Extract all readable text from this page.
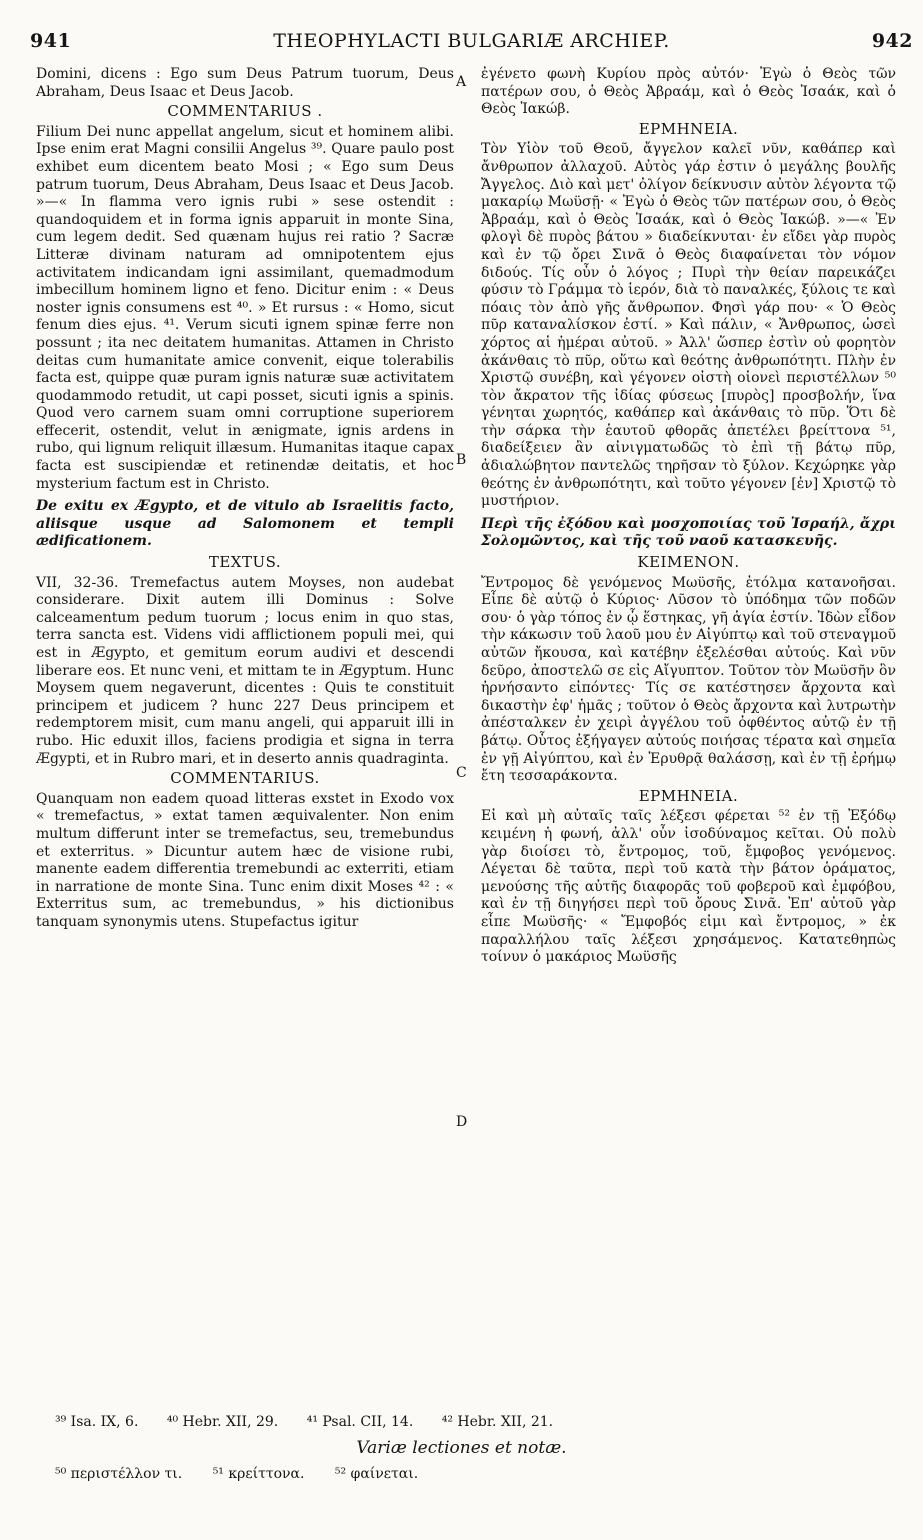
941	THEOPHYLACTI BULGARIÆ ARCHIEP.	942

Domini, dicens : Ego sum Deus Patrum tuorum, Deus Abraham, Deus Isaac et Deus Jacob.

COMMENTARIUS .

Filium Dei nunc appellat angelum, sicut et hominem alibi. Ipse enim erat Magni consilii Angelus ³⁹. Quare paulo post exhibet eum dicentem beato Mosi ; « Ego sum Deus patrum tuorum, Deus Abraham, Deus Isaac et Deus Jacob. »—« In flamma vero ignis rubi » sese ostendit : quandoquidem et in forma ignis apparuit in monte Sina, cum legem dedit. Sed quænam hujus rei ratio ? Sacræ Litteræ divinam naturam ad omnipotentem ejus activitatem indicandam igni assimilant, quemadmodum imbecillum hominem ligno et feno. Dicitur enim : « Deus noster ignis consumens est ⁴⁰. » Et rursus : « Homo, sicut fenum dies ejus. ⁴¹. Verum sicuti ignem spinæ ferre non possunt ; ita nec deitatem humanitas. Attamen in Christo deitas cum humanitate amice convenit, eique tolerabilis facta est, quippe quæ puram ignis naturæ suæ activitatem quodammodo retudit, ut capi posset, sicuti ignis a spinis. Quod vero carnem suam omni corruptione superiorem effecerit, ostendit, velut in ænigmate, ignis ardens in rubo, qui lignum reliquit illæsum. Humanitas itaque capax facta est suscipiendæ et retinendæ deitatis, et hoc mysterium factum est in Christo.

De exitu ex Ægypto, et de vitulo ab Israelitis facto, aliisque usque ad Salomonem et templi ædificationem.
TEXTUS.

VII, 32-36. Tremefactus autem Moyses, non audebat considerare. Dixit autem illi Dominus : Solve calceamentum pedum tuorum ; locus enim in quo stas, terra sancta est. Videns vidi afflictionem populi mei, qui est in Ægypto, et gemitum eorum audivi et descendi liberare eos. Et nunc veni, et mittam te in Ægyptum. Hunc Moysem quem negaverunt, dicentes : Quis te constituit principem et judicem ? hunc 227 Deus principem et redemptorem misit, cum manu angeli, qui apparuit illi in rubo. Hic eduxit illos, faciens prodigia et signa in terra Ægypti, et in Rubro mari, et in deserto annis quadraginta.

COMMENTARIUS.

Quanquam non eadem quoad litteras exstet in Exodo vox « tremefactus, » extat tamen æquivalenter. Non enim multum differunt inter se tremefactus, seu, tremebundus et exterritus. » Dicuntur autem hæc de visione rubi, manente eadem differentia tremebundi ac exterriti, etiam in narratione de monte Sina. Tunc enim dixit Moses ⁴² : « Exterritus sum, ac tremebundus, » his dictionibus tanquam synonymis utens. Stupefactus igitur

ἐγένετο φωνὴ Κυρίου πρὸς αὐτόν· Ἐγὼ ὁ Θεὸς τῶν πατέρων σου, ὁ Θεὸς Ἀβραάμ, καὶ ὁ Θεὸς Ἰσαάκ, καὶ ὁ Θεὸς Ἰακώβ.

ΕΡΜΗΝΕΙΑ.

Τὸν Υἱὸν τοῦ Θεοῦ, ἄγγελον καλεῖ νῦν, καθάπερ καὶ ἄνθρωπον ἀλλαχοῦ. Αὐτὸς γάρ ἐστιν ὁ μεγάλης βουλῆς Ἄγγελος. Διὸ καὶ μετ' ὀλίγον δείκνυσιν αὐτὸν λέγοντα τῷ μακαρίῳ Μωϋσῇ· « Ἐγὼ ὁ Θεὸς τῶν πατέρων σου, ὁ Θεὸς Ἀβραάμ, καὶ ὁ Θεὸς Ἰσαάκ, καὶ ὁ Θεὸς Ἰακώβ. »—« Ἐν φλογὶ δὲ πυρὸς βάτου » διαδείκνυται· ἐν εἴδει γὰρ πυρὸς καὶ ἐν τῷ ὄρει Σινᾶ ὁ Θεὸς διαφαίνεται τὸν νόμον διδούς. Τίς οὖν ὁ λόγος ; Πυρὶ τὴν θείαν παρεικάζει φύσιν τὸ Γράμμα τὸ ἱερόν, διὰ τὸ παναλκές, ξύλοις τε καὶ πόαις τὸν ἀπὸ γῆς ἄνθρωπον. Φησὶ γάρ που· « Ὁ Θεὸς πῦρ καταναλίσκον ἐστί. » Καὶ πάλιν, « Ἄνθρωπος, ὡσεὶ χόρτος αἱ ἡμέραι αὐτοῦ. » Ἀλλ' ὥσπερ ἐστὶν οὐ φορητὸν ἀκάνθαις τὸ πῦρ, οὕτω καὶ θεότης ἀνθρωπότητι. Πλὴν ἐν Χριστῷ συνέβη, καὶ γέγονεν οἰστὴ οἱονεὶ περιστέλλων ⁵⁰ τὸν ἄκρατον τῆς ἰδίας φύσεως [πυρὸς] προσβολήν, ἵνα γένηται χωρητός, καθάπερ καὶ ἀκάνθαις τὸ πῦρ. Ὅτι δὲ τὴν σάρκα τὴν ἑαυτοῦ φθορᾶς ἀπετέλει βρείττονα ⁵¹, διαδείξειεν ἂν αἰνιγματωδῶς τὸ ἐπὶ τῇ βάτῳ πῦρ, ἀδιαλώβητον παντελῶς τηρῆσαν τὸ ξύλον. Κεχώρηκε γὰρ θεότης ἐν ἀνθρωπότητι, καὶ τοῦτο γέγονεν [ἐν] Χριστῷ τὸ μυστήριον.

Περὶ τῆς ἐξόδου καὶ μοσχοποιίας τοῦ Ἰσραήλ, ἄχρι Σολομῶντος, καὶ τῆς τοῦ ναοῦ κατασκευῆς.
ΚΕΙΜΕΝΟΝ.

Ἔντρομος δὲ γενόμενος Μωϋσῆς, ἐτόλμα κατανοῆσαι. Εἶπε δὲ αὐτῷ ὁ Κύριος· Λῦσον τὸ ὑπόδημα τῶν ποδῶν σου· ὁ γὰρ τόπος ἐν ᾧ ἕστηκας, γῆ ἁγία ἐστίν. Ἰδὼν εἶδον τὴν κάκωσιν τοῦ λαοῦ μου ἐν Αἰγύπτῳ καὶ τοῦ στεναγμοῦ αὐτῶν ἤκουσα, καὶ κατέβην ἐξελέσθαι αὐτούς. Καὶ νῦν δεῦρο, ἀποστελῶ σε εἰς Αἴγυπτον. Τοῦτον τὸν Μωϋσῆν ὃν ἠρνήσαντο εἰπόντες· Τίς σε κατέστησεν ἄρχοντα καὶ δικαστὴν ἐφ' ἡμᾶς ; τοῦτον ὁ Θεὸς ἄρχοντα καὶ λυτρωτὴν ἀπέσταλκεν ἐν χειρὶ ἀγγέλου τοῦ ὀφθέντος αὐτῷ ἐν τῇ βάτῳ. Οὗτος ἐξήγαγεν αὐτούς ποιήσας τέρατα καὶ σημεῖα ἐν γῇ Αἰγύπτου, καὶ ἐν Ἐρυθρᾷ θαλάσσῃ, καὶ ἐν τῇ ἐρήμῳ ἔτη τεσσαράκοντα.

ΕΡΜΗΝΕΙΑ.

Εἰ καὶ μὴ αὐταῖς ταῖς λέξεσι φέρεται ⁵² ἐν τῇ Ἐξόδῳ κειμένη ἡ φωνή, ἀλλ' οὖν ἰσοδύναμος κεῖται. Οὐ πολὺ γὰρ διοίσει τὸ, ἔντρομος, τοῦ, ἔμφοβος γενόμενος. Λέγεται δὲ ταῦτα, περὶ τοῦ κατὰ τὴν βάτον ὁράματος, μενούσης τῆς αὐτῆς διαφορᾶς τοῦ φοβεροῦ καὶ ἐμφόβου, καὶ ἐν τῇ διηγήσει περὶ τοῦ ὄρους Σινᾶ. Ἐπ' αὐτοῦ γὰρ εἶπε Μωϋσῆς· « Ἔμφοβός εἰμι καὶ ἔντρομος, » ἐκ παραλλήλου ταῖς λέξεσι χρησάμενος. Κατατεθηπὼς τοίνυν ὁ μακάριος Μωϋσῆς

A
B
C
D
³⁹ Isa. IX, 6. ⁴⁰ Hebr. XII, 29. ⁴¹ Psal. CII, 14. ⁴² Hebr. XII, 21.
Variæ lectiones et notæ.
⁵⁰ περιστέλλον τι. ⁵¹ κρείττονα. ⁵² φαίνεται.
